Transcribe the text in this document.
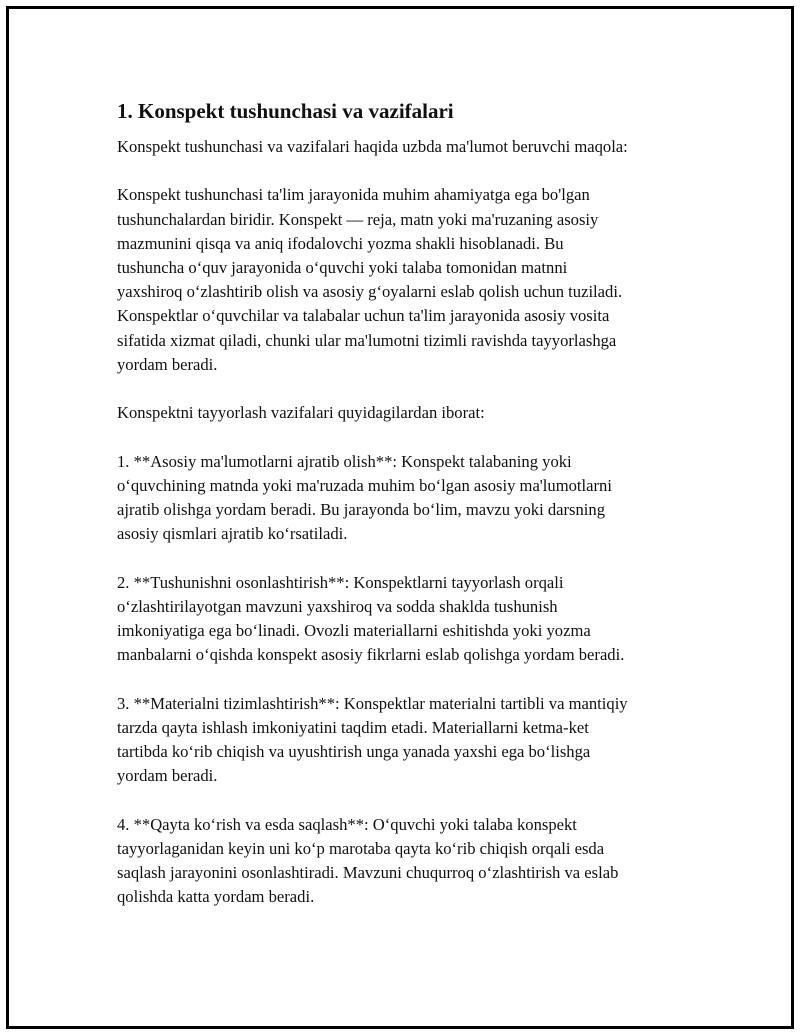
1. Konspekt tushunchasi va vazifalari

Konspekt tushunchasi va vazifalari haqida uzbda ma'lumot beruvchi maqola:

Konspekt tushunchasi ta'lim jarayonida muhim ahamiyatga ega bo'lgan
tushunchalardan biridir. Konspekt — reja, matn yoki ma'ruzaning asosiy
mazmunini qisqa va aniq ifodalovchi yozma shakli hisoblanadi. Bu
tushuncha o‘quv jarayonida o‘quvchi yoki talaba tomonidan matnni
yaxshiroq o‘zlashtirib olish va asosiy g‘oyalarni eslab qolish uchun tuziladi.
Konspektlar o‘quvchilar va talabalar uchun ta'lim jarayonida asosiy vosita
sifatida xizmat qiladi, chunki ular ma'lumotni tizimli ravishda tayyorlashga
yordam beradi.

Konspektni tayyorlash vazifalari quyidagilardan iborat:

1. **Asosiy ma'lumotlarni ajratib olish**: Konspekt talabaning yoki
o‘quvchining matnda yoki ma'ruzada muhim bo‘lgan asosiy ma'lumotlarni
ajratib olishga yordam beradi. Bu jarayonda bo‘lim, mavzu yoki darsning
asosiy qismlari ajratib ko‘rsatiladi.

2. **Tushunishni osonlashtirish**: Konspektlarni tayyorlash orqali
o‘zlashtirilayotgan mavzuni yaxshiroq va sodda shaklda tushunish
imkoniyatiga ega bo‘linadi. Ovozli materiallarni eshitishda yoki yozma
manbalarni o‘qishda konspekt asosiy fikrlarni eslab qolishga yordam beradi.

3. **Materialni tizimlashtirish**: Konspektlar materialni tartibli va mantiqiy
tarzda qayta ishlash imkoniyatini taqdim etadi. Materiallarni ketma-ket
tartibda ko‘rib chiqish va uyushtirish unga yanada yaxshi ega bo‘lishga
yordam beradi.

4. **Qayta ko‘rish va esda saqlash**: O‘quvchi yoki talaba konspekt
tayyorlaganidan keyin uni ko‘p marotaba qayta ko‘rib chiqish orqali esda
saqlash jarayonini osonlashtiradi. Mavzuni chuqurroq o‘zlashtirish va eslab
qolishda katta yordam beradi.
